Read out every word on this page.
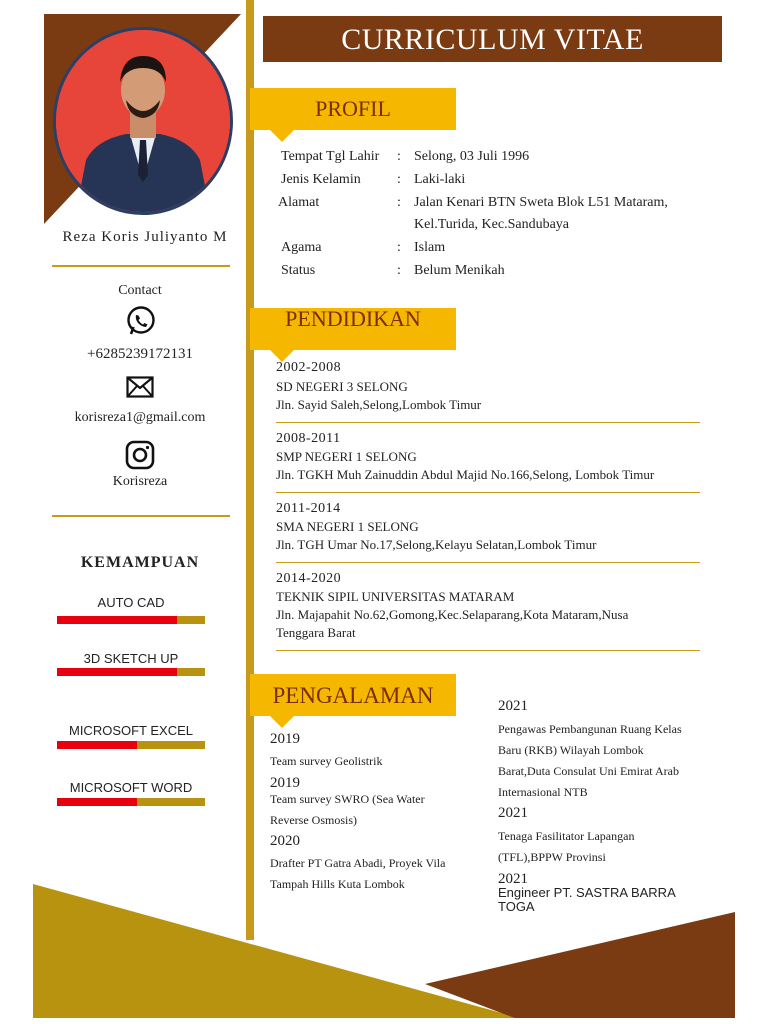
Reza Koris Juliyanto M
Contact
+6285239172131
korisreza1@gmail.com
Korisreza
KEMAMPUAN
AUTO CAD
3D SKETCH UP
MICROSOFT EXCEL
MICROSOFT WORD
CURRICULUM VITAE
PROFIL
Tempat Tgl Lahir : Selong, 03 Juli 1996
Jenis Kelamin	: Laki-laki
Alamat	: Jalan Kenari BTN Sweta Blok L51 Mataram,
Kel.Turida, Kec.Sandubaya
Agama	: Islam
Status	: Belum Menikah
PENDIDIKAN
2002-2008
SD NEGERI 3 SELONG
Jln. Sayid Saleh,Selong,Lombok Timur
2008-2011
SMP NEGERI 1 SELONG
Jln. TGKH Muh Zainuddin Abdul Majid No.166,Selong, Lombok Timur
2011-2014
SMA NEGERI 1 SELONG
Jln. TGH Umar No.17,Selong,Kelayu Selatan,Lombok Timur
2014-2020
TEKNIK SIPIL UNIVERSITAS MATARAM
Jln. Majapahit No.62,Gomong,Kec.Selaparang,Kota Mataram,Nusa
Tenggara Barat
PENGALAMAN
2019
Team survey Geolistrik
2019
Team survey SWRO (Sea Water
Reverse Osmosis)
2020
Drafter PT Gatra Abadi, Proyek Vila
Tampah Hills Kuta Lombok
2021
Pengawas Pembangunan Ruang Kelas
Baru (RKB) Wilayah Lombok
Barat,Duta Consulat Uni Emirat Arab
Internasional NTB
2021
Tenaga Fasilitator Lapangan
(TFL),BPPW Provinsi
2021
Engineer PT. SASTRA BARRA
TOGA
